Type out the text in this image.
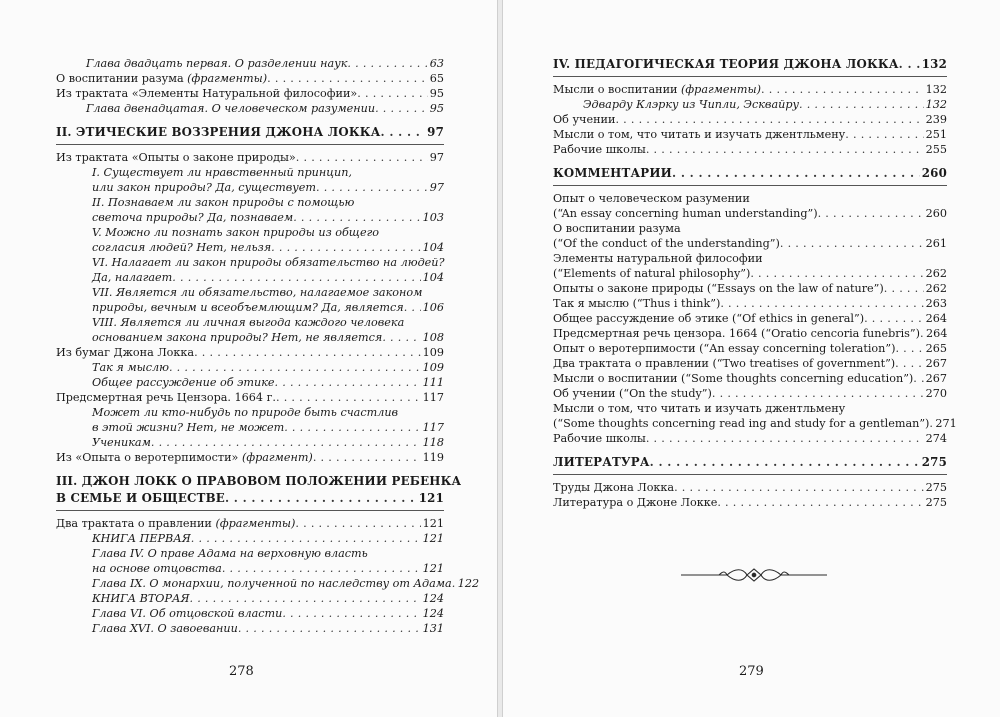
Глава двадцать первая. О разделении наук . . .	63
О воспитании разума (фрагменты) . . .	65
Из трактата «Элементы Натуральной философии» . . .	95
Глава двенадцатая. О человеческом разумении . . .	95
II. ЭТИЧЕСКИЕ ВОЗЗРЕНИЯ ДЖОНА ЛОККА . . .	97
Из трактата «Опыты о законе природы» . . .	97
I. Существует ли нравственный принцип,
или закон природы? Да, существует . . .	97
II. Познаваем ли закон природы с помощью
светоча природы? Да, познаваем . . .	103
V. Можно ли познать закон природы из общего
согласия людей? Нет, нельзя . . .	104
VI. Налагает ли закон природы обязательство на людей?
Да, налагает . . .	104
VII. Является ли обязательство, налагаемое законом
природы, вечным и всеобъемлющим? Да, является . . . 106
VIII. Является ли личная выгода каждого человека
основанием закона природы? Нет, не является . . .	108
Из бумаг Джона Локка . . .	109
Так я мыслю . . .	109
Общее рассуждение об этике . . .	111
Предсмертная речь Цензора. 1664 г. . . .	117
Может ли кто-нибудь по природе быть счастлив
в этой жизни? Нет, не может . . .	117
Ученикам . . .	118
Из «Опыта о веротерпимости» (фрагмент) . . .	119
III. ДЖОН ЛОКК О ПРАВОВОМ ПОЛОЖЕНИИ РЕБЕНКА
В СЕМЬЕ И ОБЩЕСТВЕ . . .	121
Два трактата о правлении (фрагменты) . . .	121
КНИГА ПЕРВАЯ . . .	121
Глава IV. О праве Адама на верховную власть
на основе отцовства . . .	121
Глава IX. О монархии, полученной по наследству от Адама . . . 122
КНИГА ВТОРАЯ . . .	124
Глава VI. Об отцовской власти . . .	124
Глава XVI. О завоевании . . .	131
278
IV. ПЕДАГОГИЧЕСКАЯ ТЕОРИЯ ДЖОНА ЛОККА . . . 132
Мысли о воспитании (фрагменты) . . .	132
Эдварду Клэрку из Чипли, Эсквайру . . .	132
Об учении . . .	239
Мысли о том, что читать и изучать джентльмену . . .	251
Рабочие школы . . .	255
КОММЕНТАРИИ . . .	260
Опыт о человеческом разумении
(“An essay concerning human understanding”) . . .	260
О воспитании разума
(“Of the conduct of the understanding”) . . .	261
Элементы натуральной философии
(“Elements of natural philosophy”) . . .	262
Опыты о законе природы (“Essays on the law of nature”) . . .	262
Так я мыслю (“Thus i think”) . . .	263
Общее рассуждение об этике (“Of ethics in general”) . . .	264
Предсмертная речь цензора. 1664 (“Oratio cencoria funebris”) . . . 264
Опыт о веротерпимости (“An essay concerning toleration”) . . .	265
Два трактата о правлении (“Two treatises of government”) . . .	267
Мысли о воспитании (“Some thoughts concerning education”) . . . 267
Об учении (“On the study”) . . .	270
Мысли о том, что читать и изучать джентльмену
(“Some thoughts concerning read ing and study for a gentleman”) . . . 271
Рабочие школы . . .	274
ЛИТЕРАТУРА . . .	275
Труды Джона Локка . . .	275
Литература о Джоне Локке . . .	275
279
